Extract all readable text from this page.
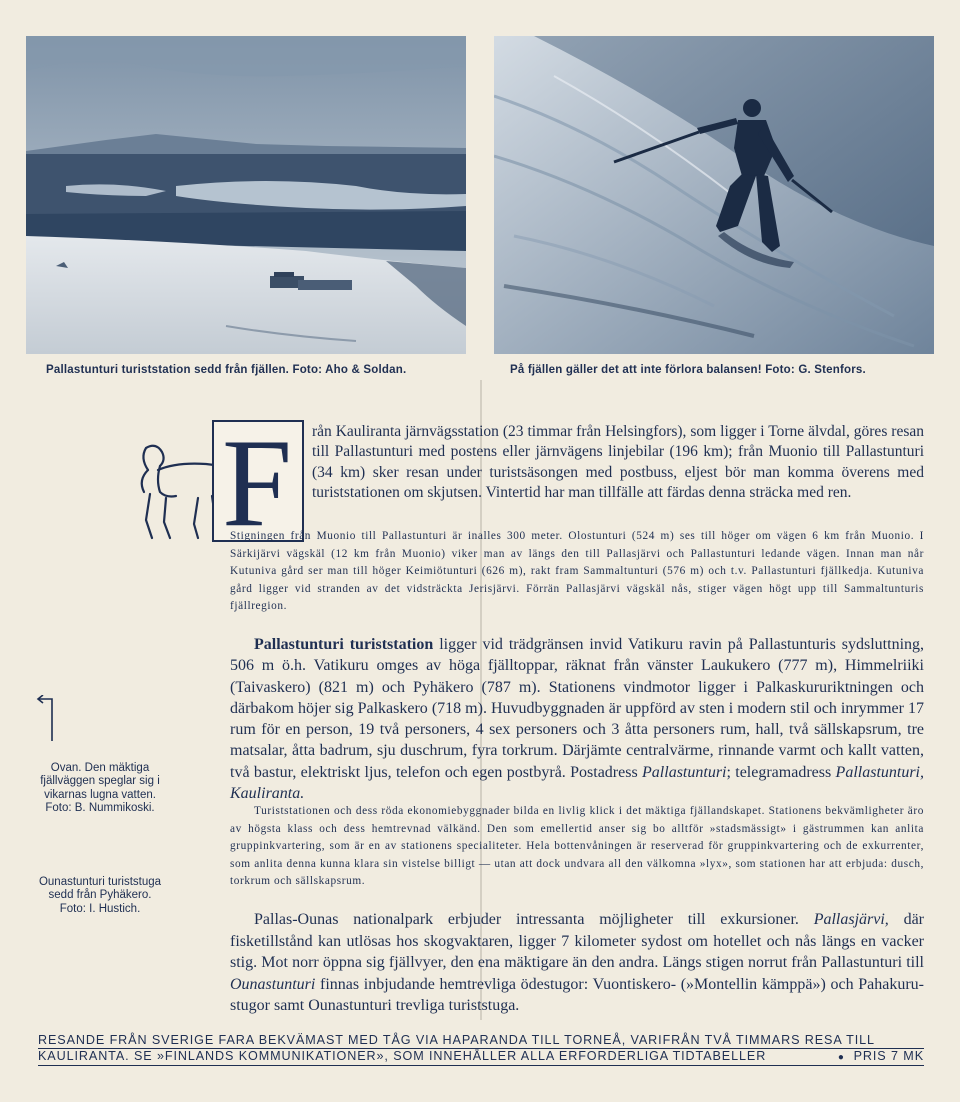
Pallastunturi turiststation sedd från fjällen. Foto: Aho & Soldan.	På fjällen gäller det att inte förlora balansen! Foto: G. Stenfors.
F	rån Kauliranta järnvägsstation (23 timmar från Helsingfors), som ligger i Torne älvdal, göres resan till Pallastunturi med postens eller järnvägens linjebilar (196 km); från Muonio till Pallastunturi (34 km) sker resan under turistsäsongen med postbuss, eljest bör man komma överens med turiststationen om skjutsen. Vintertid har man tillfälle att färdas denna sträcka med ren.

Stigningen från Muonio till Pallastunturi är inalles 300 meter. Olostunturi (524 m) ses till höger om vägen 6 km från Muonio. I Särkijärvi vägskäl (12 km från Muonio) viker man av längs den till Pallasjärvi och Pallastunturi ledande vägen. Innan man når Kutuniva gård ser man till höger Keimiötunturi (626 m), rakt fram Sammaltunturi (576 m) och t.v. Pallastunturi fjällkedja. Kutuniva gård ligger vid stranden av det vidsträckta Jerisjärvi. Förrän Pallasjärvi vägskäl nås, stiger vägen högt upp till Sammaltunturis fjällregion.

Pallastunturi turiststation ligger vid trädgränsen invid Vatikuru ravin på Pallastunturis sydsluttning, 506 m ö.h. Vatikuru omges av höga fjälltoppar, räknat från vänster Laukukero (777 m), Himmelriiki (Taivaskero) (821 m) och Pyhäkero (787 m). Stationens vindmotor ligger i Palkaskururiktningen och därbakom höjer sig Palkaskero (718 m). Huvudbyggnaden är uppförd av sten i modern stil och inrymmer 17 rum för en person, 19 två personers, 4 sex personers och 3 åtta personers rum, hall, två sällskapsrum, tre matsalar, åtta badrum, sju duschrum, fyra torkrum. Därjämte centralvärme, rinnande varmt och kallt vatten, två bastur, elektriskt ljus, telefon och egen postbyrå. Postadress Pallastunturi; telegramadress Pallastunturi, Kauliranta.

Turiststationen och dess röda ekonomiebyggnader bilda en livlig klick i det mäktiga fjällandskapet. Stationens bekvämligheter äro av högsta klass och dess hemtrevnad välkänd. Den som emellertid anser sig bo alltför »stadsmässigt» i gästrummen kan anlita gruppinkvartering, som är en av stationens specialiteter. Hela bottenvåningen är reserverad för gruppinkvartering och de exkurrenter, som anlita denna kunna klara sin vistelse billigt — utan att dock undvara all den välkomna »lyx», som stationen har att erbjuda: dusch, torkrum och sällskapsrum.

Pallas-Ounas nationalpark erbjuder intressanta möjligheter till exkursioner. Pallasjärvi, där fisketillstånd kan utlösas hos skogvaktaren, ligger 7 kilometer sydost om hotellet och nås längs en vacker stig. Mot norr öppna sig fjällvyer, den ena mäktigare än den andra. Längs stigen norrut från Pallastunturi till Ounastunturi finnas inbjudande hemtrevliga ödestugor: Vuontiskero- (»Montellin kämppä») och Pahakuru-stugor samt Ounastunturi trevliga turiststuga.

Ovan. Den mäktiga fjällväggen speglar sig i vikarnas lugna vatten. Foto: B. Nummikoski.
Ounastunturi turiststuga sedd från Pyhäkero. Foto: I. Hustich.
RESANDE FRÅN SVERIGE FARA BEKVÄMAST MED TÅG VIA HAPARANDA TILL TORNEÅ, VARIFRÅN TVÅ TIMMARS RESA TILL
KAULIRANTA. SE »FINLANDS KOMMUNIKATIONER», SOM INNEHÅLLER ALLA ERFORDERLIGA TIDTABELLER	● PRIS 7 MK
